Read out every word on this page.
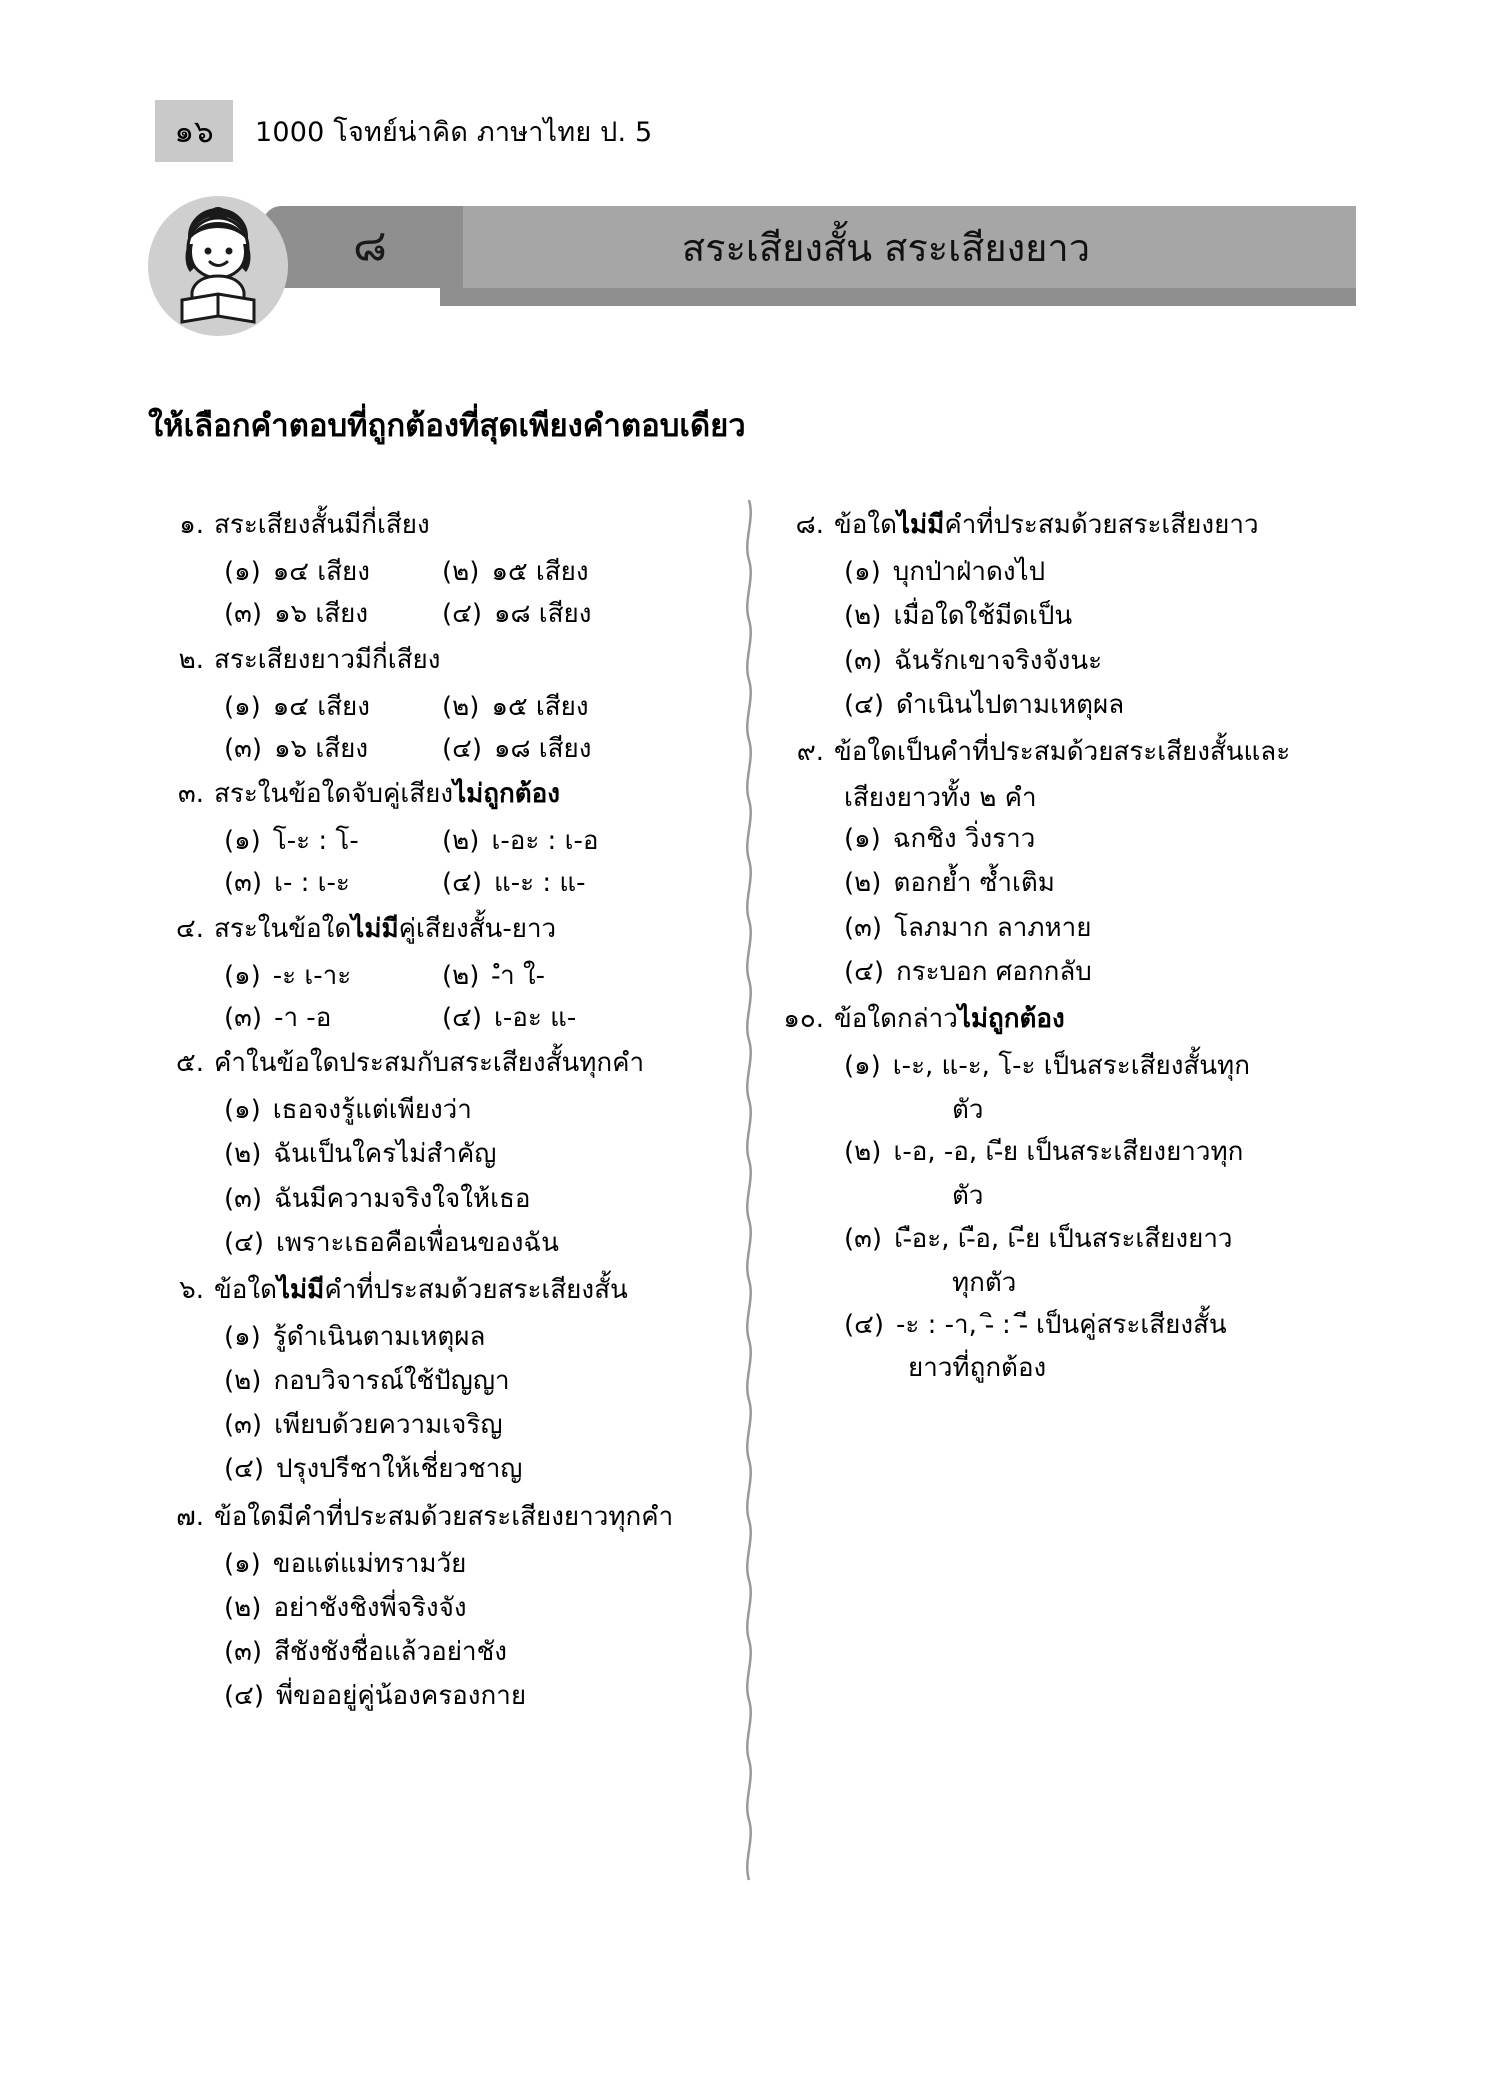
๑๖	1000 โจทย์น่าคิด ภาษาไทย ป. 5
๘	สระเสียงสั้น สระเสียงยาว
ให้เลือกคำตอบที่ถูกต้องที่สุดเพียงคำตอบเดียว
๑. สระเสียงสั้นมีกี่เสียง
(๑) ๑๔ เสียง	(๒) ๑๕ เสียง
(๓) ๑๖ เสียง	(๔) ๑๘ เสียง
๒. สระเสียงยาวมีกี่เสียง
(๑) ๑๔ เสียง	(๒) ๑๕ เสียง
(๓) ๑๖ เสียง	(๔) ๑๘ เสียง
๓. สระในข้อใดจับคู่เสียงไม่ถูกต้อง
(๑) โ-ะ : โ-	(๒) เ-อะ : เ-อ
(๓) เ- : เ-ะ	(๔) แ-ะ : แ-
๔. สระในข้อใดไม่มีคู่เสียงสั้น-ยาว
(๑) -ะ เ-าะ	(๒) -ำ ใ-
(๓) -า -อ	(๔) เ-อะ แ-
๕. คำในข้อใดประสมกับสระเสียงสั้นทุกคำ
(๑) เธอจงรู้แต่เพียงว่า
(๒) ฉันเป็นใครไม่สำคัญ
(๓) ฉันมีความจริงใจให้เธอ
(๔) เพราะเธอคือเพื่อนของฉัน
๖. ข้อใดไม่มีคำที่ประสมด้วยสระเสียงสั้น
(๑) รู้ดำเนินตามเหตุผล
(๒) กอบวิจารณ์ใช้ปัญญา
(๓) เพียบด้วยความเจริญ
(๔) ปรุงปรีชาให้เชี่ยวชาญ
๗. ข้อใดมีคำที่ประสมด้วยสระเสียงยาวทุกคำ
(๑) ขอแต่แม่ทรามวัย
(๒) อย่าชังชิงพี่จริงจัง
(๓) สีชังชังชื่อแล้วอย่าชัง
(๔) พี่ขออยู่คู่น้องครองกาย
๘. ข้อใดไม่มีคำที่ประสมด้วยสระเสียงยาว
(๑) บุกป่าฝ่าดงไป
(๒) เมื่อใดใช้มีดเป็น
(๓) ฉันรักเขาจริงจังนะ
(๔) ดำเนินไปตามเหตุผล
๙. ข้อใดเป็นคำที่ประสมด้วยสระเสียงสั้นและ
เสียงยาวทั้ง ๒ คำ
(๑) ฉกชิง วิ่งราว
(๒) ตอกย้ำ ซ้ำเติม
(๓) โลภมาก ลาภหาย
(๔) กระบอก ศอกกลับ
๑๐. ข้อใดกล่าวไม่ถูกต้อง
(๑) เ-ะ, แ-ะ, โ-ะ เป็นสระเสียงสั้นทุก
ตัว
(๒) เ-อ, -อ, เ-ีย เป็นสระเสียงยาวทุก
ตัว
(๓) เ-ือะ, เ-ือ, เ-ีย เป็นสระเสียงยาว
ทุกตัว
(๔) -ะ : -า, -ิ : -ี เป็นคู่สระเสียงสั้น
ยาวที่ถูกต้อง
